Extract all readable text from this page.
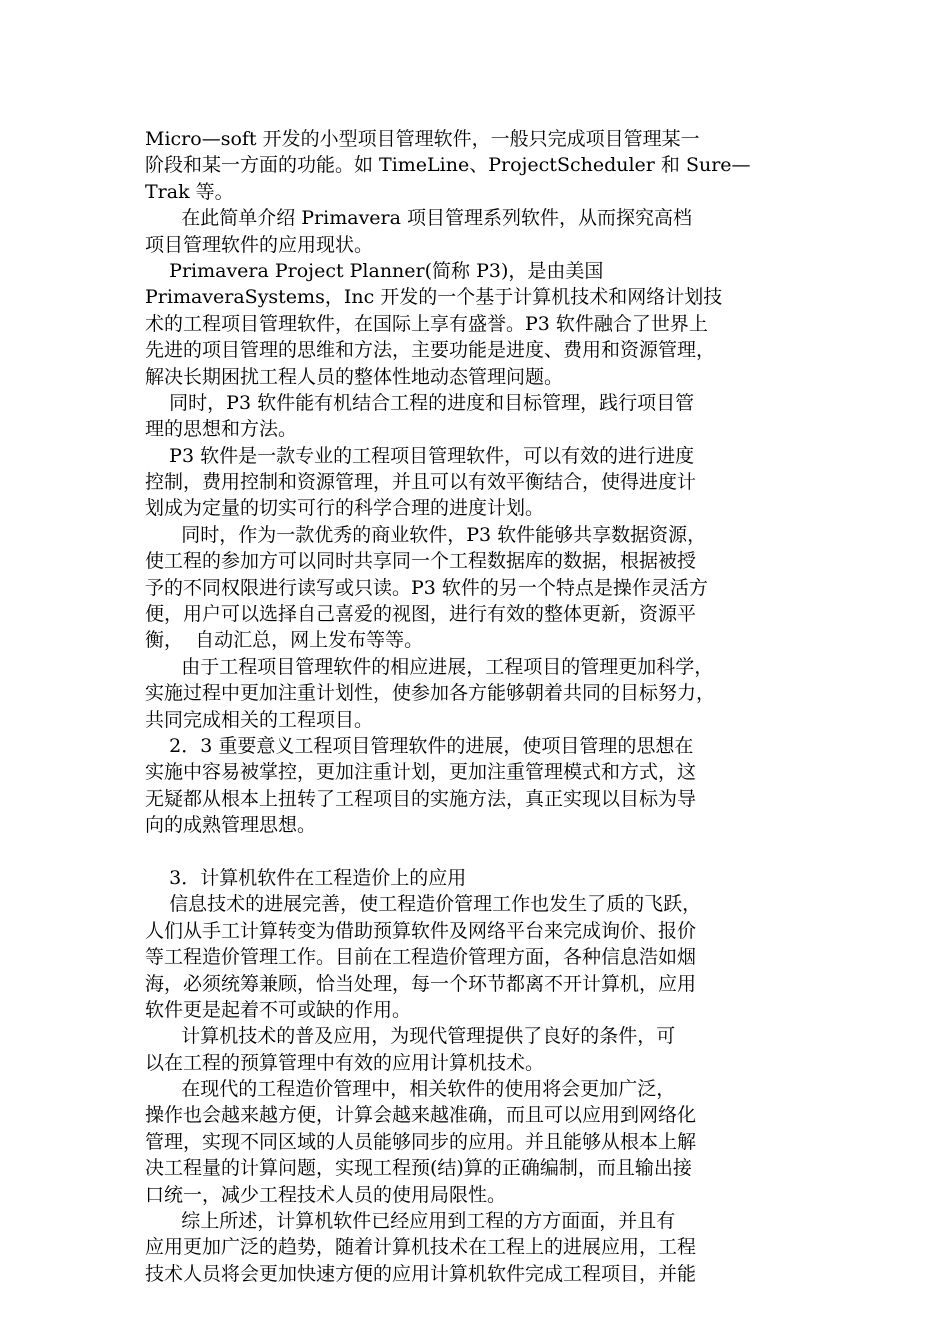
Micro—soft 开发的小型项目管理软件，一般只完成项目管理某一
阶段和某一方面的功能。如 TimeLine、ProjectScheduler 和 Sure—
Trak 等。
在此简单介绍 Primavera 项目管理系列软件，从而探究高档
项目管理软件的应用现状。
Primavera Project Planner(简称 P3)，是由美国
PrimaveraSystems，Inc 开发的一个基于计算机技术和网络计划技
术的工程项目管理软件，在国际上享有盛誉。P3 软件融合了世界上
先进的项目管理的思维和方法，主要功能是进度、费用和资源管理，
解决长期困扰工程人员的整体性地动态管理问题。
同时，P3 软件能有机结合工程的进度和目标管理，践行项目管
理的思想和方法。
P3 软件是一款专业的工程项目管理软件，可以有效的进行进度
控制，费用控制和资源管理，并且可以有效平衡结合，使得进度计
划成为定量的切实可行的科学合理的进度计划。
同时，作为一款优秀的商业软件，P3 软件能够共享数据资源，
使工程的参加方可以同时共享同一个工程数据库的数据，根据被授
予的不同权限进行读写或只读。P3 软件的另一个特点是操作灵活方
便，用户可以选择自己喜爱的视图，进行有效的整体更新，资源平
衡，  自动汇总，网上发布等等。
由于工程项目管理软件的相应进展，工程项目的管理更加科学，
实施过程中更加注重计划性，使参加各方能够朝着共同的目标努力，
共同完成相关的工程项目。
2．3 重要意义工程项目管理软件的进展，使项目管理的思想在
实施中容易被掌控，更加注重计划，更加注重管理模式和方式，这
无疑都从根本上扭转了工程项目的实施方法，真正实现以目标为导
向的成熟管理思想。
3．计算机软件在工程造价上的应用
信息技术的进展完善，使工程造价管理工作也发生了质的飞跃，
人们从手工计算转变为借助预算软件及网络平台来完成询价、报价
等工程造价管理工作。目前在工程造价管理方面，各种信息浩如烟
海，必须统筹兼顾，恰当处理，每一个环节都离不开计算机，应用
软件更是起着不可或缺的作用。
计算机技术的普及应用，为现代管理提供了良好的条件，可
以在工程的预算管理中有效的应用计算机技术。
在现代的工程造价管理中，相关软件的使用将会更加广泛，
操作也会越来越方便，计算会越来越准确，而且可以应用到网络化
管理，实现不同区域的人员能够同步的应用。并且能够从根本上解
决工程量的计算问题，实现工程预(结)算的正确编制，而且输出接
口统一，减少工程技术人员的使用局限性。
综上所述，计算机软件已经应用到工程的方方面面，并且有
应用更加广泛的趋势，随着计算机技术在工程上的进展应用，工程
技术人员将会更加快速方便的应用计算机软件完成工程项目，并能
